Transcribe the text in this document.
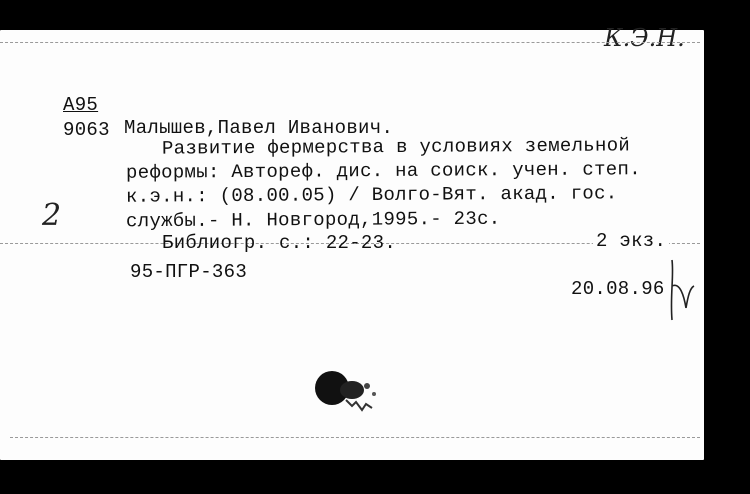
К.Э.Н.
А95
9063 Малышев,Павел Иванович.
Развитие фермерства в условиях земельной
реформы: Автореф. дис. на соиск. учен. степ.
к.э.н.: (08.00.05) / Волго-Вят. акад. гос.
службы.- Н. Новгород,1995.- 23с.
2
Библиогр. с.: 22-23.	2 экз.
95-ПГР-363
20.08.96
